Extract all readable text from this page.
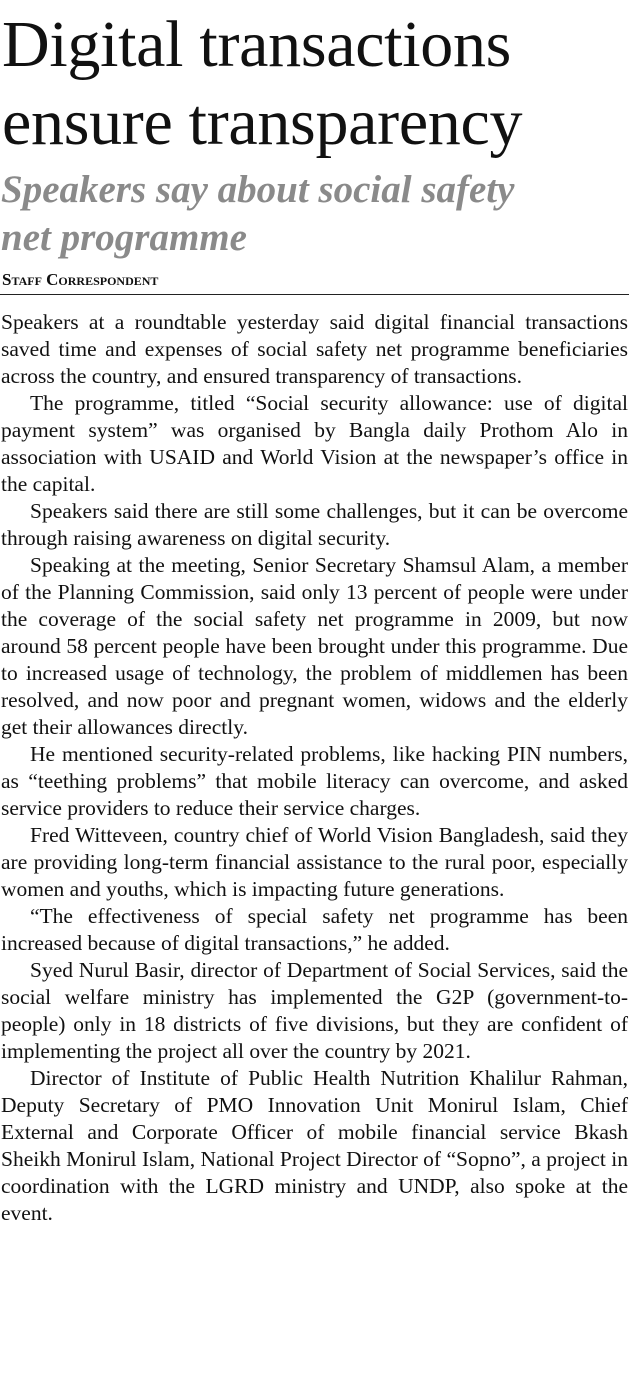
Digital transactions
ensure transparency
Speakers say about social safety
net programme
Staff Correspondent

Speakers at a roundtable yesterday said digital financial transactions saved time and expenses of social safety net programme beneficiaries across the country, and ensured transparency of transactions.

The programme, titled “Social security allowance: use of digital payment system” was organised by Bangla daily Prothom Alo in association with USAID and World Vision at the newspaper’s office in the capital.

Speakers said there are still some challenges, but it can be overcome through raising awareness on digital security.

Speaking at the meeting, Senior Secretary Shamsul Alam, a member of the Planning Commission, said only 13 percent of people were under the coverage of the social safety net programme in 2009, but now around 58 percent people have been brought under this programme. Due to increased usage of technology, the problem of middlemen has been resolved, and now poor and pregnant women, widows and the elderly get their allowances directly.

He mentioned security-related problems, like hacking PIN numbers, as “teething problems” that mobile literacy can overcome, and asked service providers to reduce their service charges.

Fred Witteveen, country chief of World Vision Bangladesh, said they are providing long-term financial assistance to the rural poor, especially women and youths, which is impacting future generations.

“The effectiveness of special safety net programme has been increased because of digital transactions,” he added.

Syed Nurul Basir, director of Department of Social Services, said the social welfare ministry has implemented the G2P (government-to-people) only in 18 districts of five divisions, but they are confident of implementing the project all over the country by 2021.

Director of Institute of Public Health Nutrition Khalilur Rahman, Deputy Secretary of PMO Innovation Unit Monirul Islam, Chief External and Corporate Officer of mobile financial service Bkash Sheikh Monirul Islam, National Project Director of “Sopno”, a project in coordination with the LGRD ministry and UNDP, also spoke at the event.
